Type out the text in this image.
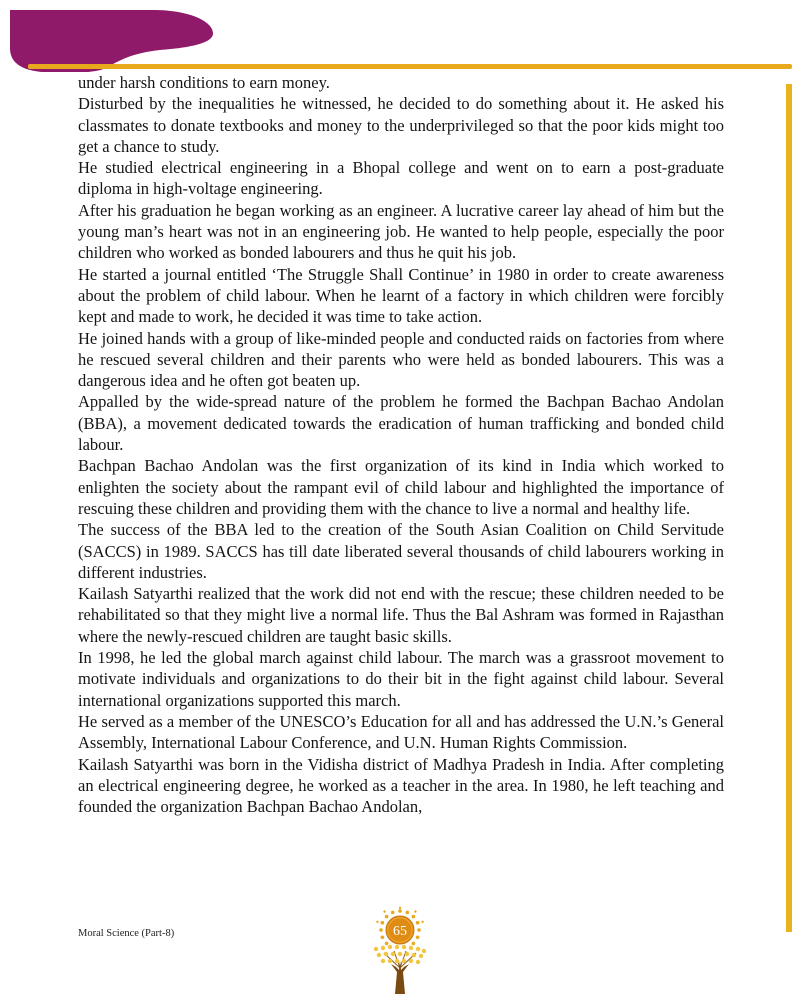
under harsh conditions to earn money.

Disturbed by the inequalities he witnessed, he decided to do something about it. He asked his classmates to donate textbooks and money to the underprivileged so that the poor kids might too get a chance to study.

He studied electrical engineering in a Bhopal college and went on to earn a post-graduate diploma in high-voltage engineering.

After his graduation he began working as an engineer. A lucrative career lay ahead of him but the young man’s heart was not in an engineering job. He wanted to help people, especially the poor children who worked as bonded labourers and thus he quit his job.

He started a journal entitled ‘The Struggle Shall Continue’ in 1980 in order to create awareness about the problem of child labour. When he learnt of a factory in which children were forcibly kept and made to work, he decided it was time to take action.

He joined hands with a group of like-minded people and conducted raids on factories from where he rescued several children and their parents who were held as bonded labourers. This was a dangerous idea and he often got beaten up.

Appalled by the wide-spread nature of the problem he formed the Bachpan Bachao Andolan (BBA), a movement dedicated towards the eradication of human trafficking and bonded child labour.

Bachpan Bachao Andolan was the first organization of its kind in India which worked to enlighten the society about the rampant evil of child labour and highlighted the importance of rescuing these children and providing them with the chance to live a normal and healthy life.

The success of the BBA led to the creation of the South Asian Coalition on Child Servitude (SACCS) in 1989. SACCS has till date liberated several thousands of child labourers working in different industries.

Kailash Satyarthi realized that the work did not end with the rescue; these children needed to be rehabilitated so that they might live a normal life. Thus the Bal Ashram was formed in Rajasthan where the newly-rescued children are taught basic skills.

In 1998, he led the global march against child labour. The march was a grassroot movement to motivate individuals and organizations to do their bit in the fight against child labour. Several international organizations supported this march.

He served as a member of the UNESCO’s Education for all and has addressed the U.N.’s General Assembly, International Labour Conference, and U.N. Human Rights Commission.

Kailash Satyarthi was born in the Vidisha district of Madhya Pradesh in India. After completing an electrical engineering degree, he worked as a teacher in the area. In 1980, he left teaching and founded the organization Bachpan Bachao Andolan,

Moral Science (Part-8)	65
